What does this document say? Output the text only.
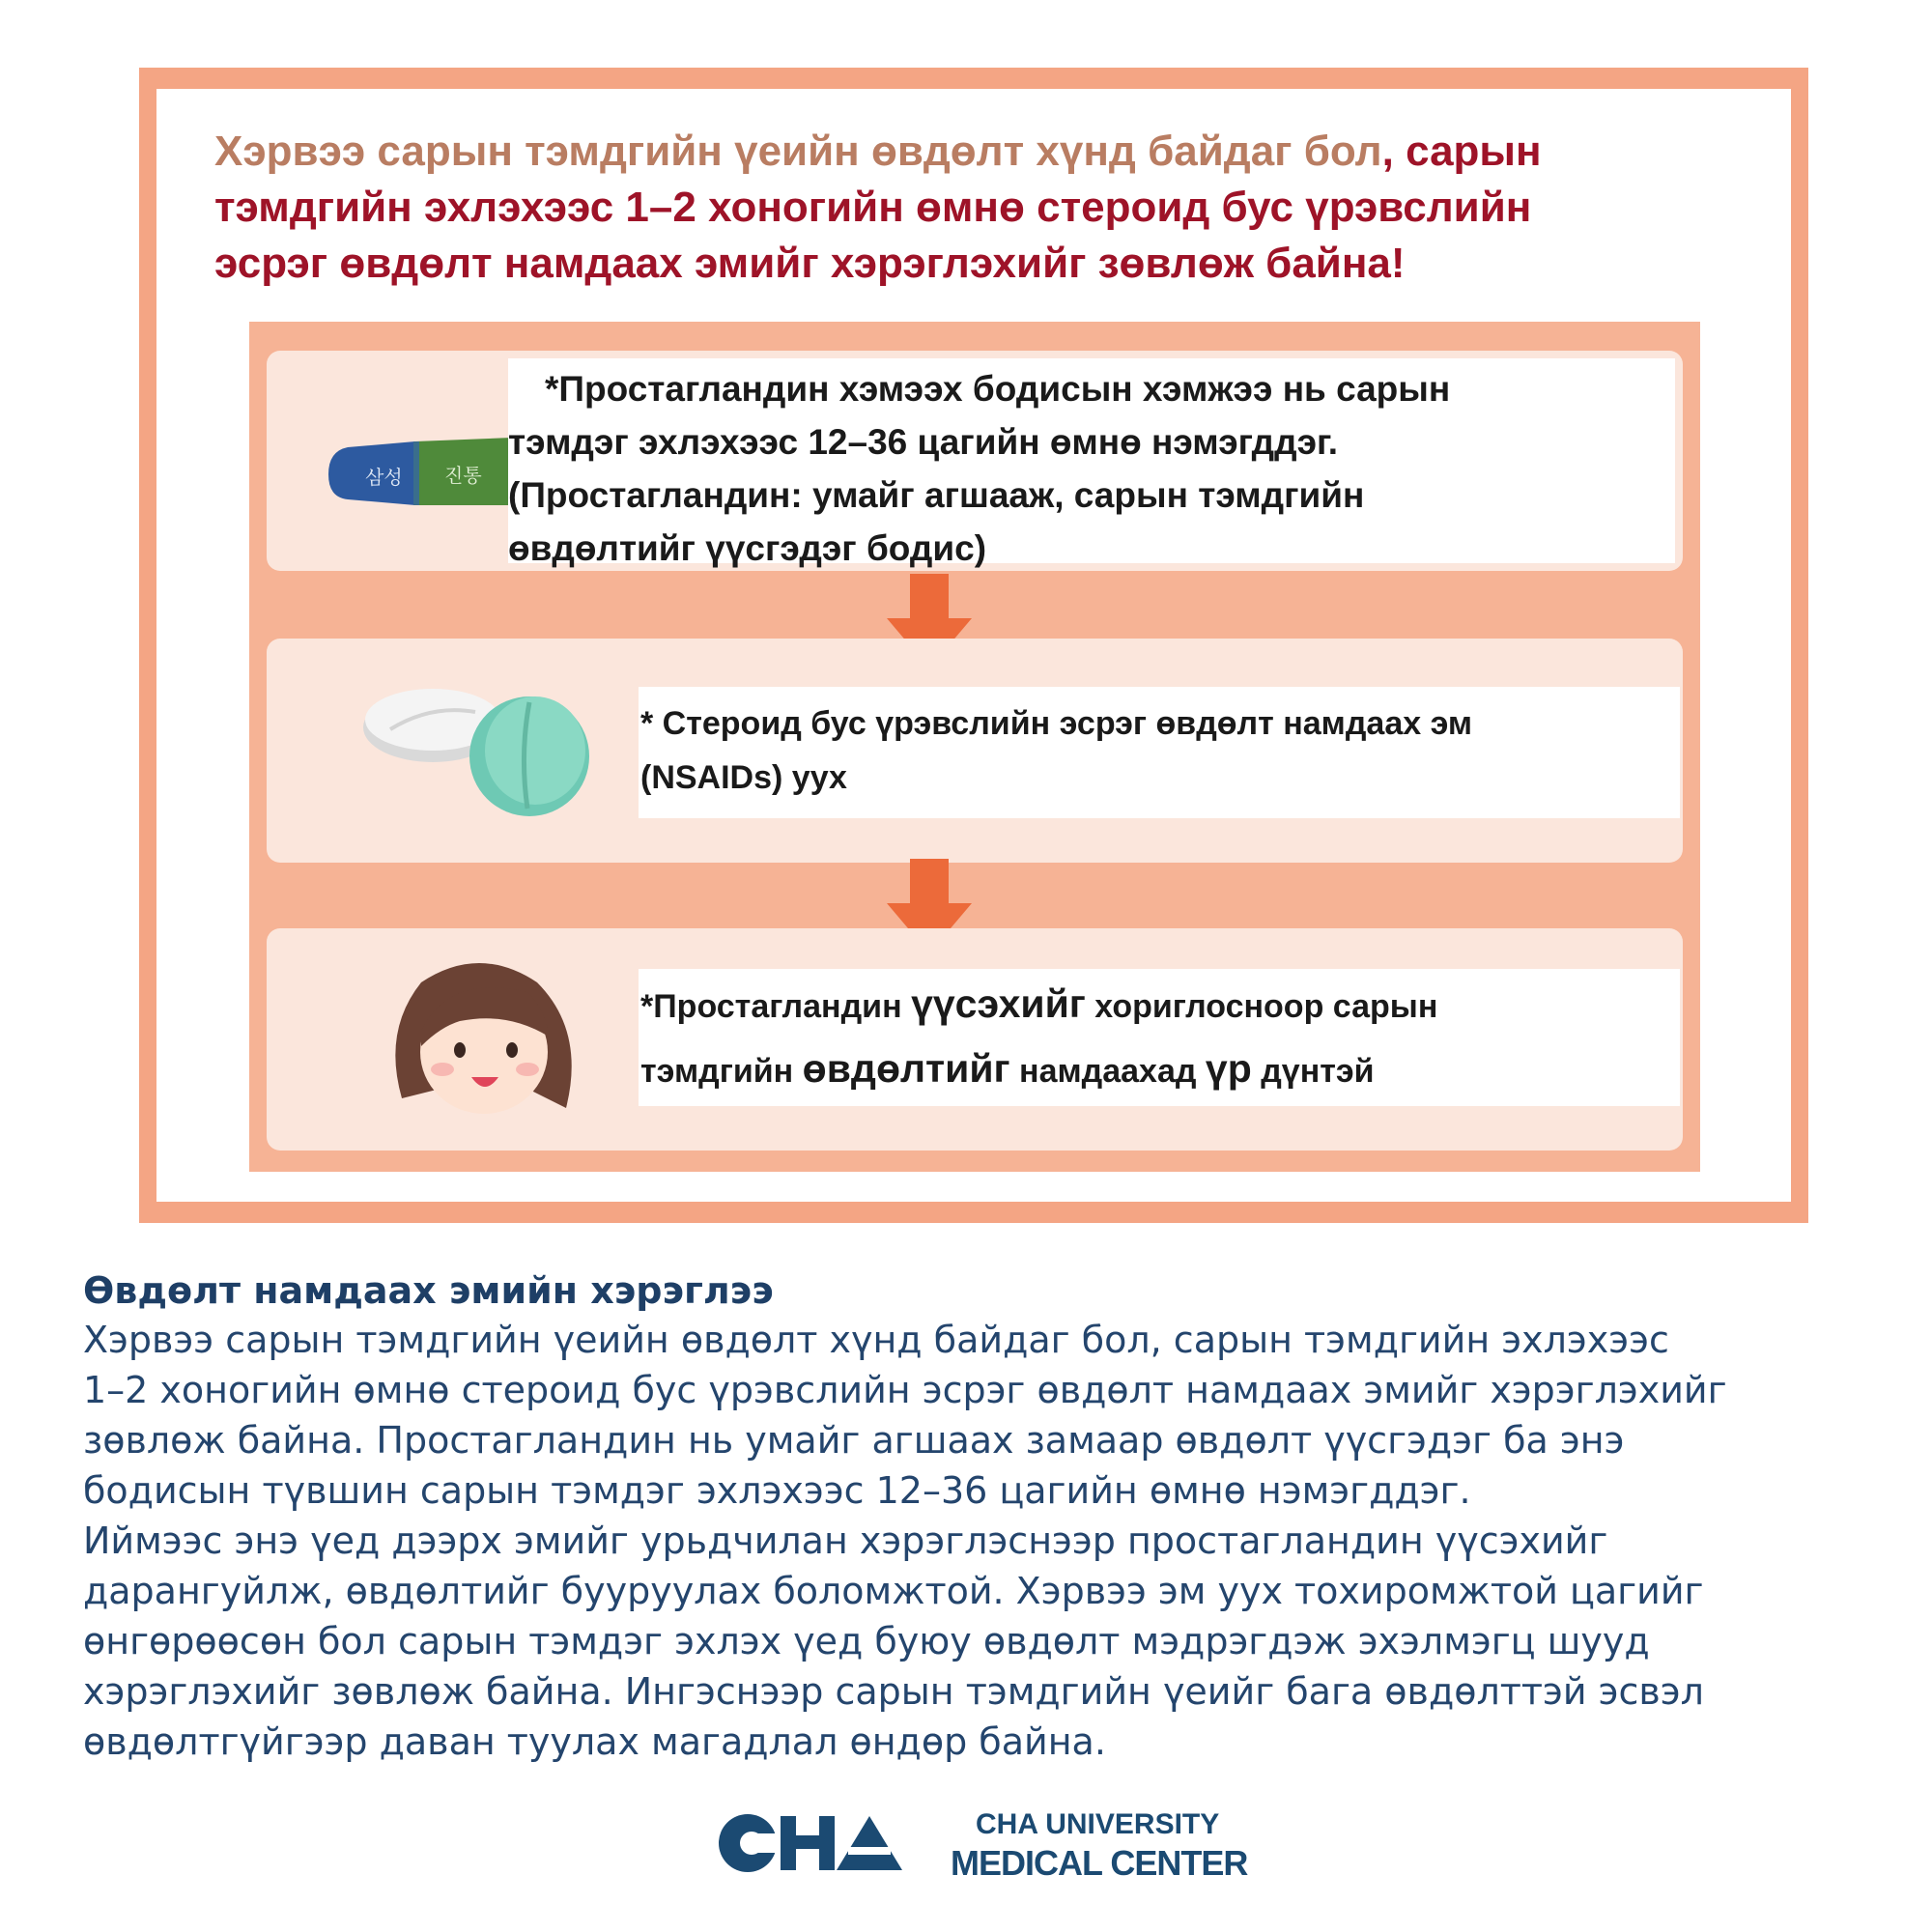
Хэрвээ сарын тэмдгийн үеийн өвдөлт хүнд байдаг бол, сарын
тэмдгийн эхлэхээс 1–2 хоногийн өмнө стероид бус үрэвслийн
эсрэг өвдөлт намдаах эмийг хэрэглэхийг зөвлөж байна!

삼성 진통

*Простагландин хэмээх бодисын хэмжээ нь сарын
тэмдэг эхлэхээс 12–36 цагийн өмнө нэмэгддэг.
(Простагландин: умайг агшааж, сарын тэмдгийн
өвдөлтийг үүсгэдэг бодис)

* Стероид бус үрэвслийн эсрэг өвдөлт намдаах эм
(NSAIDs) уух

*Простагландин үүсэхийг хориглосноор сарын
тэмдгийн өвдөлтийг намдаахад үр дүнтэй

Өвдөлт намдаах эмийн хэрэглээ

Хэрвээ сарын тэмдгийн үеийн өвдөлт хүнд байдаг бол, сарын тэмдгийн эхлэхээс
1–2 хоногийн өмнө стероид бус үрэвслийн эсрэг өвдөлт намдаах эмийг хэрэглэхийг
зөвлөж байна. Простагландин нь умайг агшаах замаар өвдөлт үүсгэдэг ба энэ
бодисын түвшин сарын тэмдэг эхлэхээс 12–36 цагийн өмнө нэмэгддэг.
Иймээс энэ үед дээрх эмийг урьдчилан хэрэглэснээр простагландин үүсэхийг
дарангуйлж, өвдөлтийг бууруулах боломжтой. Хэрвээ эм уух тохиромжтой цагийг
өнгөрөөсөн бол сарын тэмдэг эхлэх үед буюу өвдөлт мэдрэгдэж эхэлмэгц шууд
хэрэглэхийг зөвлөж байна. Ингэснээр сарын тэмдгийн үеийг бага өвдөлттэй эсвэл
өвдөлтгүйгээр даван туулах магадлал өндөр байна.

CHA UNIVERSITY

MEDICAL CENTER
